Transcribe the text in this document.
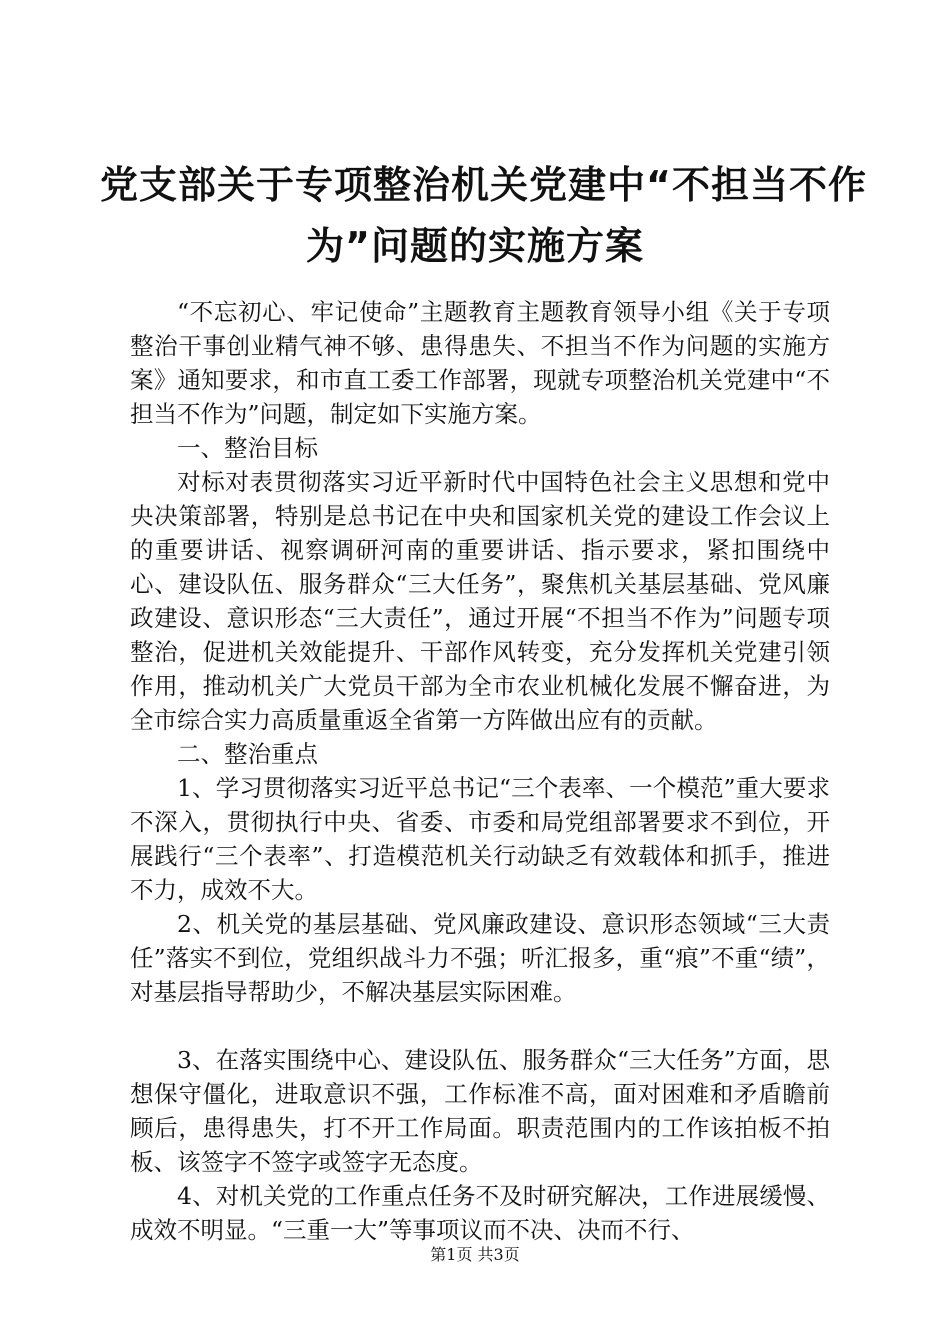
党支部关于专项整治机关党建中“不担当不作
为”问题的实施方案

“不忘初心、牢记使命”主题教育主题教育领导小组《关于专项整治干事创业精气神不够、患得患失、不担当不作为问题的实施方案》通知要求，和市直工委工作部署，现就专项整治机关党建中“不担当不作为”问题，制定如下实施方案。

一、整治目标

对标对表贯彻落实习近平新时代中国特色社会主义思想和党中央决策部署，特别是总书记在中央和国家机关党的建设工作会议上的重要讲话、视察调研河南的重要讲话、指示要求，紧扣围绕中心、建设队伍、服务群众“三大任务”，聚焦机关基层基础、党风廉政建设、意识形态“三大责任”，通过开展“不担当不作为”问题专项整治，促进机关效能提升、干部作风转变，充分发挥机关党建引领作用，推动机关广大党员干部为全市农业机械化发展不懈奋进，为全市综合实力高质量重返全省第一方阵做出应有的贡献。

二、整治重点

1、学习贯彻落实习近平总书记“三个表率、一个模范”重大要求不深入，贯彻执行中央、省委、市委和局党组部署要求不到位，开展践行“三个表率”、打造模范机关行动缺乏有效载体和抓手，推进不力，成效不大。

2、机关党的基层基础、党风廉政建设、意识形态领域“三大责任”落实不到位，党组织战斗力不强；听汇报多，重“痕”不重“绩”，对基层指导帮助少，不解决基层实际困难。

3、在落实围绕中心、建设队伍、服务群众“三大任务”方面，思想保守僵化，进取意识不强，工作标准不高，面对困难和矛盾瞻前顾后，患得患失，打不开工作局面。职责范围内的工作该拍板不拍板、该签字不签字或签字无态度。

4、对机关党的工作重点任务不及时研究解决，工作进展缓慢、成效不明显。“三重一大”等事项议而不决、决而不行、

第1页 共3页
